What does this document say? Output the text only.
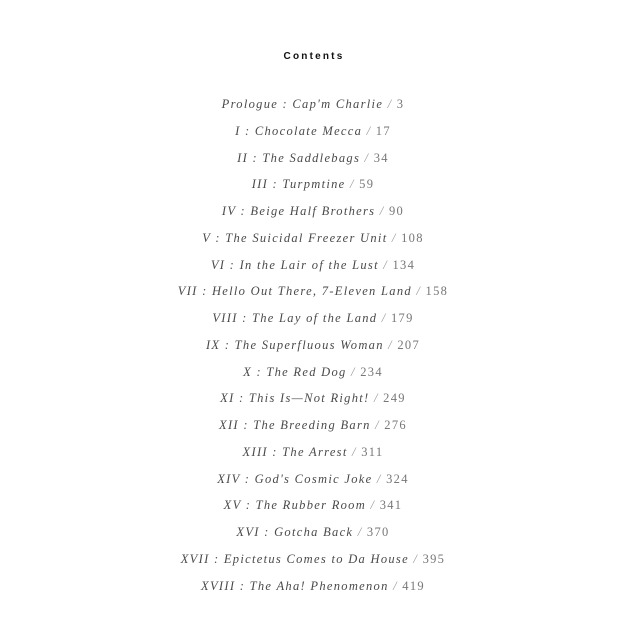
Contents
Prologue : Cap'm Charlie / 3
I : Chocolate Mecca / 17
II : The Saddlebags / 34
III : Turpmtine / 59
IV : Beige Half Brothers / 90
V : The Suicidal Freezer Unit / 108
VI : In the Lair of the Lust / 134
VII : Hello Out There, 7-Eleven Land / 158
VIII : The Lay of the Land / 179
IX : The Superfluous Woman / 207
X : The Red Dog / 234
XI : This Is—Not Right! / 249
XII : The Breeding Barn / 276
XIII : The Arrest / 311
XIV : God's Cosmic Joke / 324
XV : The Rubber Room / 341
XVI : Gotcha Back / 370
XVII : Epictetus Comes to Da House / 395
XVIII : The Aha! Phenomenon / 419
